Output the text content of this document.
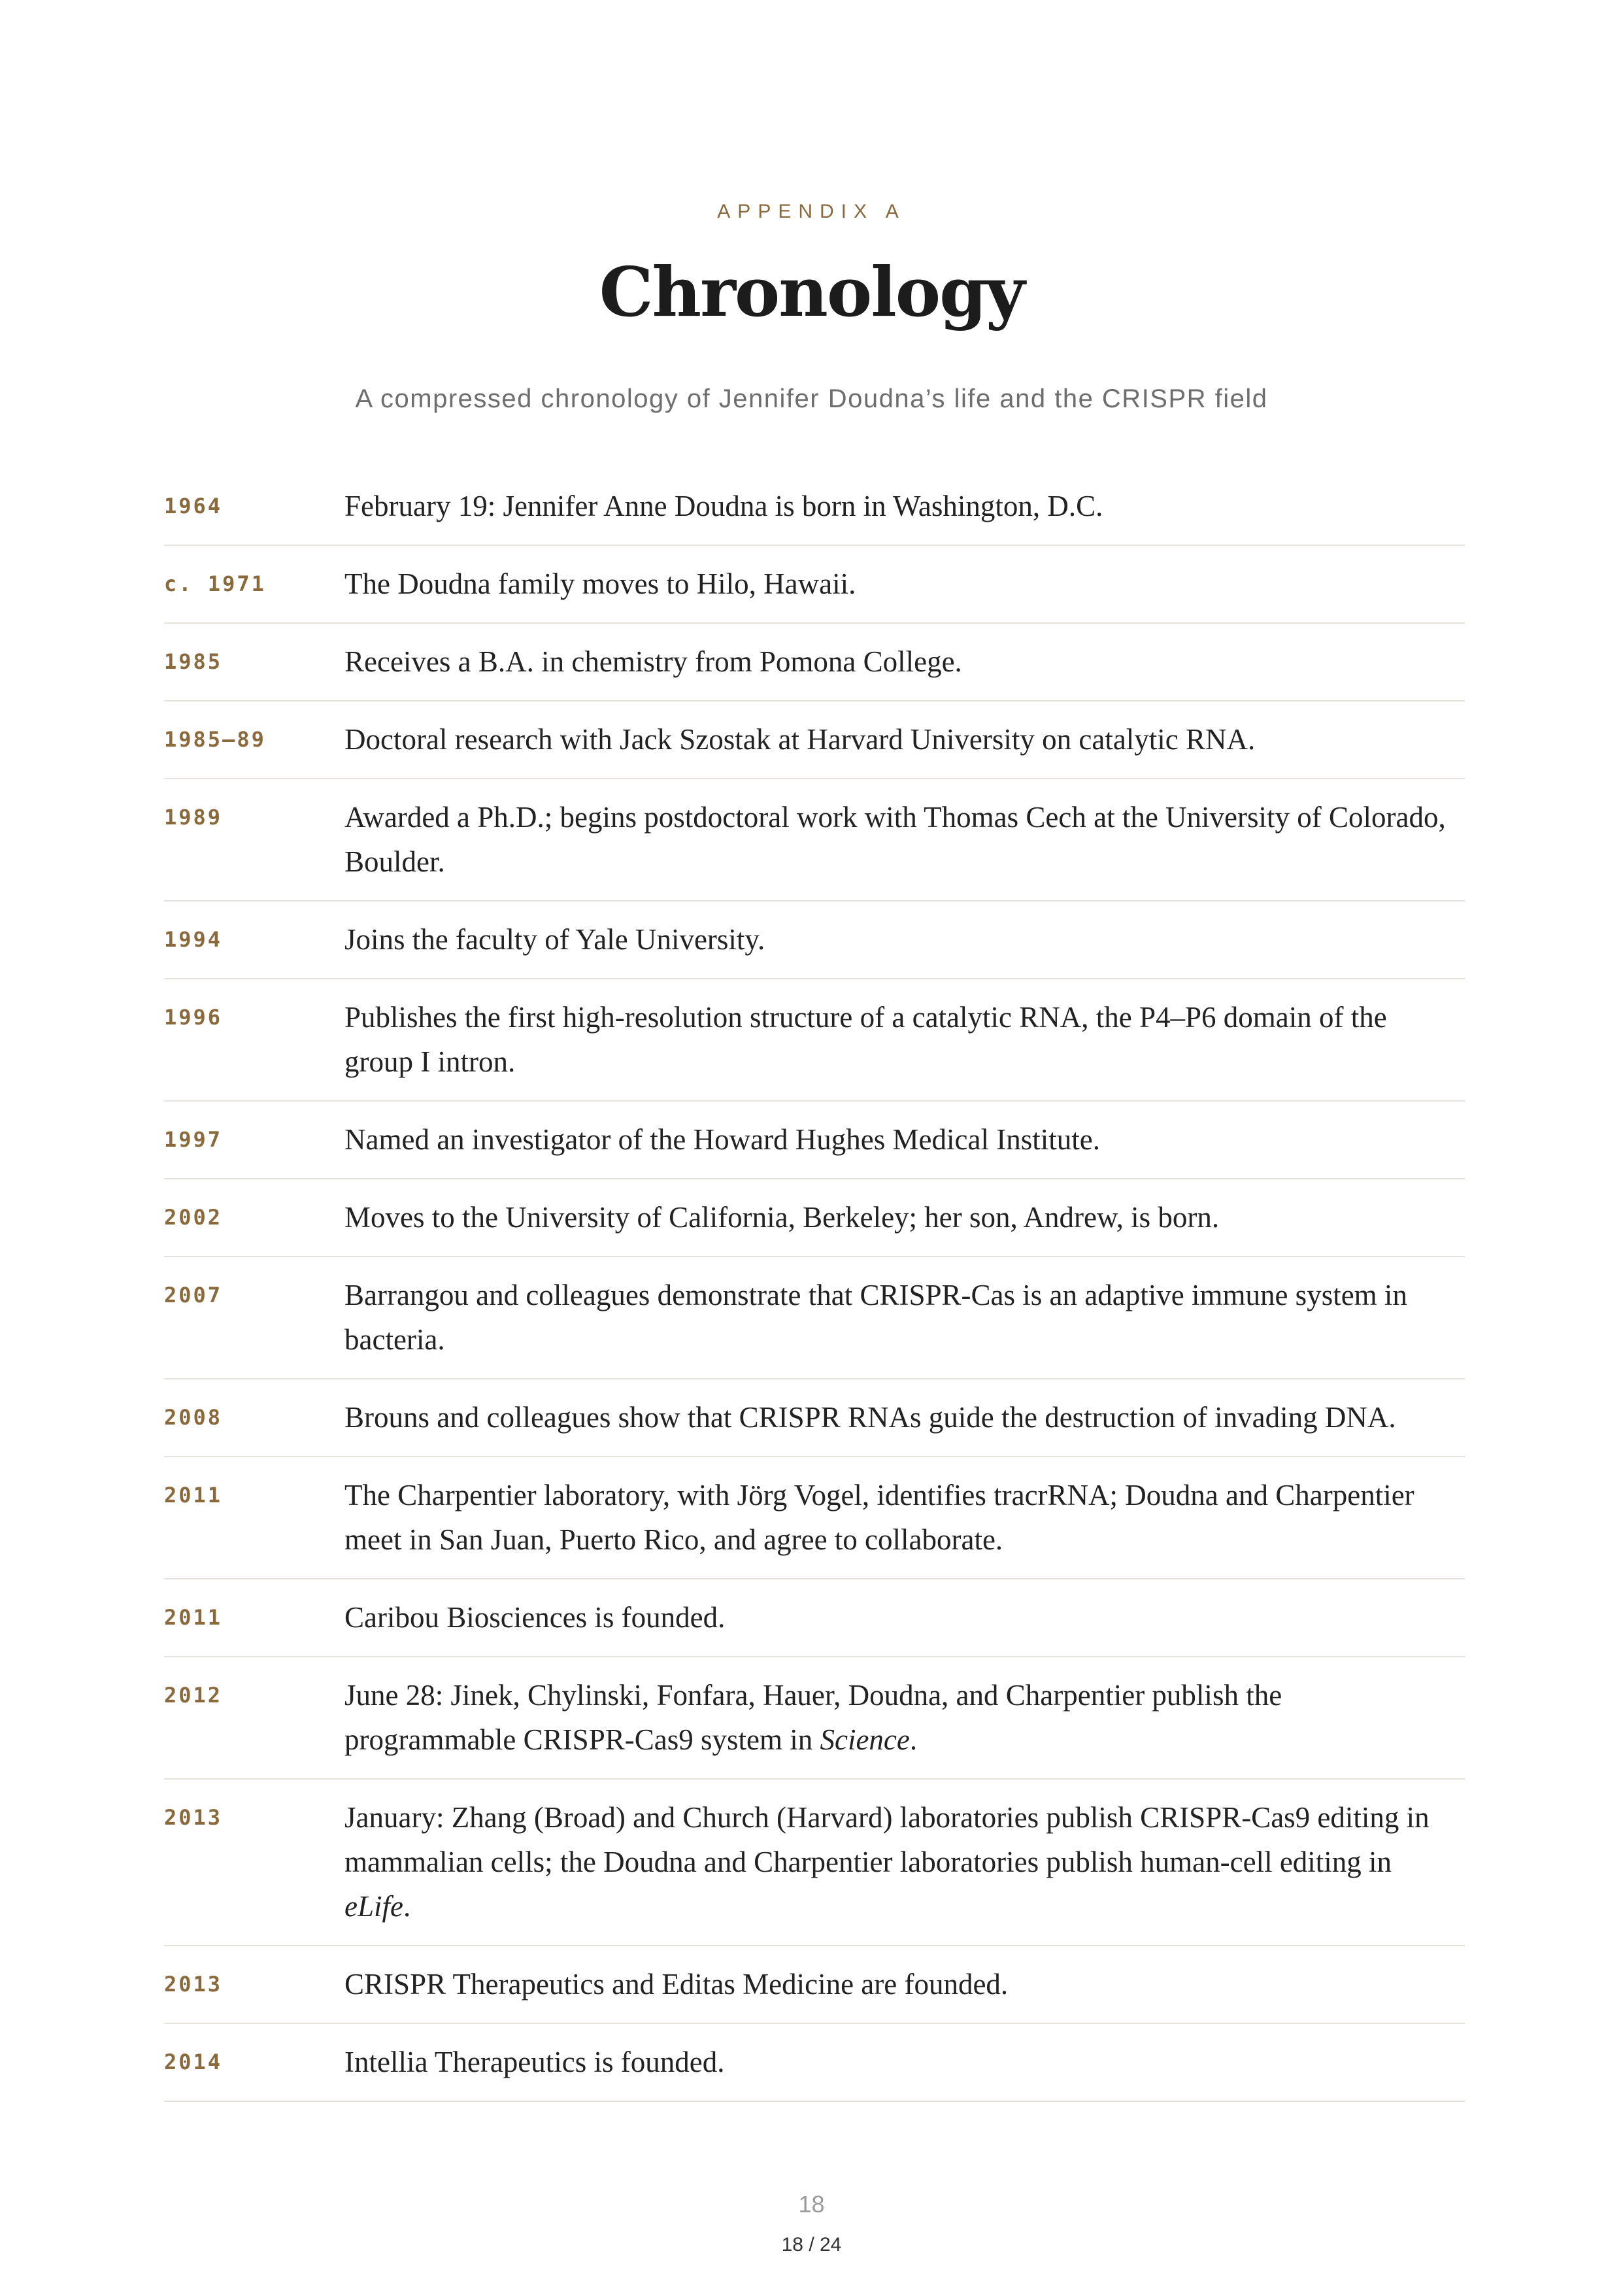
APPENDIX A
Chronology
A compressed chronology of Jennifer Doudna’s life and the CRISPR field
1964	February 19: Jennifer Anne Doudna is born in Washington, D.C.
c. 1971	The Doudna family moves to Hilo, Hawaii.
1985	Receives a B.A. in chemistry from Pomona College.
1985–89	Doctoral research with Jack Szostak at Harvard University on catalytic RNA.
1989	Awarded a Ph.D.; begins postdoctoral work with Thomas Cech at the University of Colorado, Boulder.
1994	Joins the faculty of Yale University.
1996	Publishes the first high-resolution structure of a catalytic RNA, the P4–P6 domain of the group I intron.
1997	Named an investigator of the Howard Hughes Medical Institute.
2002	Moves to the University of California, Berkeley; her son, Andrew, is born.
2007	Barrangou and colleagues demonstrate that CRISPR-Cas is an adaptive immune system in bacteria.
2008	Brouns and colleagues show that CRISPR RNAs guide the destruction of invading DNA.
2011	The Charpentier laboratory, with Jörg Vogel, identifies tracrRNA; Doudna and Charpentier meet in San Juan, Puerto Rico, and agree to collaborate.
2011	Caribou Biosciences is founded.
2012	June 28: Jinek, Chylinski, Fonfara, Hauer, Doudna, and Charpentier publish the programmable CRISPR-Cas9 system in Science.
2013	January: Zhang (Broad) and Church (Harvard) laboratories publish CRISPR-Cas9 editing in mammalian cells; the Doudna and Charpentier laboratories publish human-cell editing in eLife.
2013	CRISPR Therapeutics and Editas Medicine are founded.
2014	Intellia Therapeutics is founded.
18
18 / 24
